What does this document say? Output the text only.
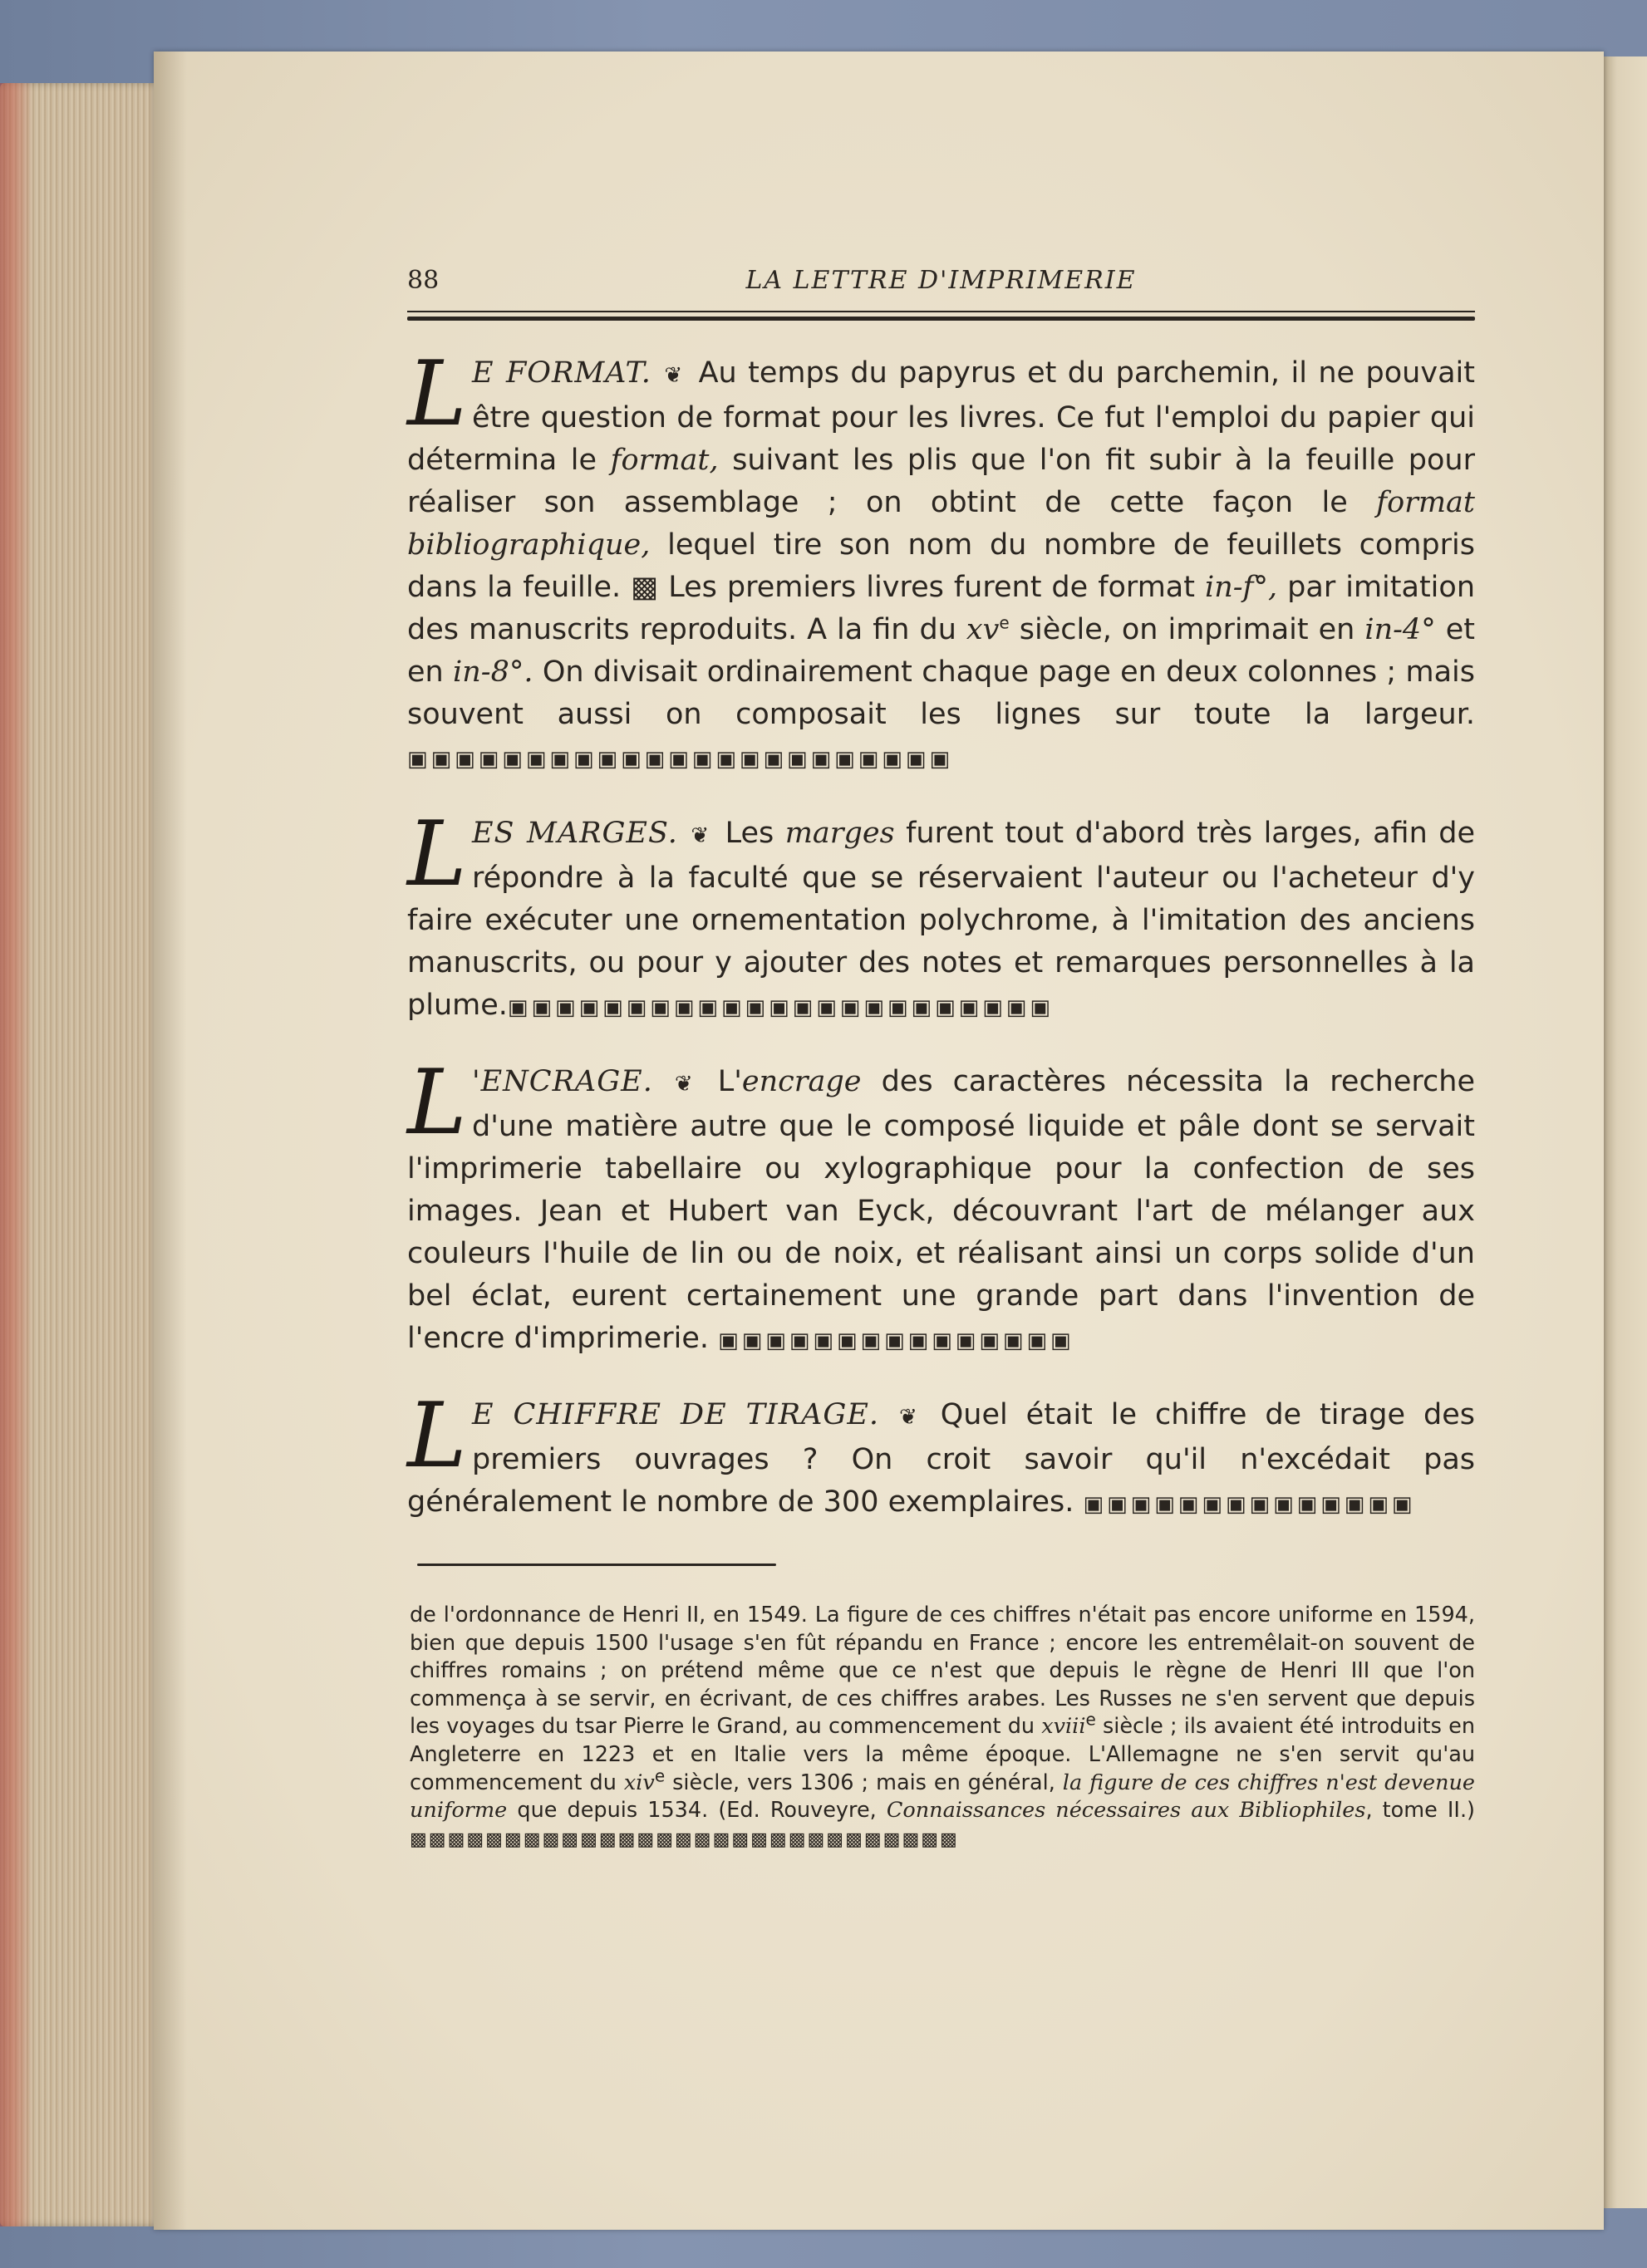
88	LA LETTRE D'IMPRIMERIE
L E FORMAT. ❦ Au temps du papyrus et du parchemin, il ne pouvait être question de format pour les livres. Ce fut l'emploi du papier qui détermina le format, suivant les plis que l'on fit subir à la feuille pour réaliser son assemblage ; on obtint de cette façon le format bibliographique, lequel tire son nom du nombre de feuillets compris dans la feuille. ▩ Les premiers livres furent de format in-f°, par imitation des manuscrits reproduits. A la fin du $xv^e$ siècle, on imprimait en in-4° et en in-8°. On divisait ordinairement chaque page en deux colonnes ; mais souvent aussi on composait les lignes sur toute la largeur. ▣▣▣▣▣▣▣▣▣▣▣▣▣▣▣▣▣▣▣▣▣▣▣
L ES MARGES. ❦ Les marges furent tout d'abord très larges, afin de répondre à la faculté que se réservaient l'auteur ou l'acheteur d'y faire exécuter une ornementation polychrome, à l'imitation des anciens manuscrits, ou pour y ajouter des notes et remarques personnelles à la plume.▣▣▣▣▣▣▣▣▣▣▣▣▣▣▣▣▣▣▣▣▣▣▣
L 'ENCRAGE. ❦ L'encrage des caractères nécessita la recherche d'une matière autre que le composé liquide et pâle dont se servait l'imprimerie tabellaire ou xylographique pour la confection de ses images. Jean et Hubert van Eyck, découvrant l'art de mélanger aux couleurs l'huile de lin ou de noix, et réalisant ainsi un corps solide d'un bel éclat, eurent certainement une grande part dans l'invention de l'encre d'imprimerie. ▣▣▣▣▣▣▣▣▣▣▣▣▣▣▣
L E CHIFFRE DE TIRAGE. ❦ Quel était le chiffre de tirage des premiers ouvrages ? On croit savoir qu'il n'excédait pas généralement le nombre de 300 exemplaires. ▣▣▣▣▣▣▣▣▣▣▣▣▣▣
de l'ordonnance de Henri II, en 1549. La figure de ces chiffres n'était pas encore uniforme en 1594, bien que depuis 1500 l'usage s'en fût répandu en France ; encore les entremêlait-on souvent de chiffres romains ; on prétend même que ce n'est que depuis le règne de Henri III que l'on commença à se servir, en écrivant, de ces chiffres arabes. Les Russes ne s'en servent que depuis les voyages du tsar Pierre le Grand, au commencement du xviii$^e$ siècle ; ils avaient été introduits en Angleterre en 1223 et en Italie vers la même époque. L'Allemagne ne s'en servit qu'au commencement du xiv$^e$ siècle, vers 1306 ; mais en général, la figure de ces chiffres n'est devenue uniforme que depuis 1534. (Ed. Rouveyre, Connaissances nécessaires aux Bibliophiles, tome II.) ▩▩▩▩▩▩▩▩▩▩▩▩▩▩▩▩▩▩▩▩▩▩▩▩▩▩▩▩▩
